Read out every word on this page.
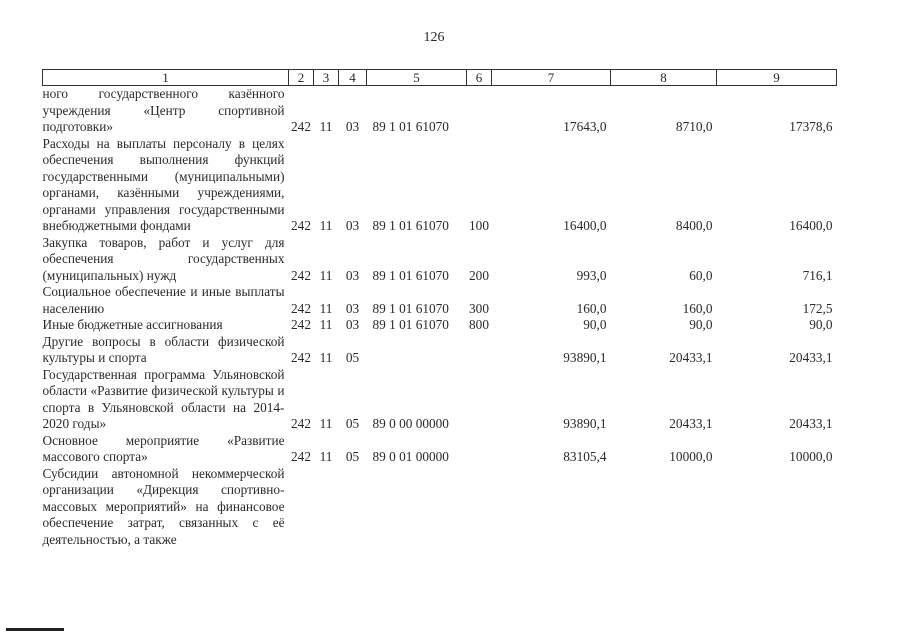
126
1	2	3	4	5	6	7	8	9
ного государственного казённого учреждения «Центр спортивной подготовки»	242	11	03	89 1 01 61070		17643,0	8710,0	17378,6
Расходы на выплаты персоналу в целях обеспечения выполнения функций государственными (муниципальными) органами, казёнными учреждениями, органами управления государственными внебюджетными фондами	242	11	03	89 1 01 61070	100	16400,0	8400,0	16400,0
Закупка товаров, работ и услуг для обеспечения государственных (муниципальных) нужд	242	11	03	89 1 01 61070	200	993,0	60,0	716,1
Социальное обеспечение и иные выплаты населению	242	11	03	89 1 01 61070	300	160,0	160,0	172,5
Иные бюджетные ассигнования	242	11	03	89 1 01 61070	800	90,0	90,0	90,0
Другие вопросы в области физической культуры и спорта	242	11	05			93890,1	20433,1	20433,1
Государственная программа Ульяновской области «Развитие физической культуры и спорта в Ульяновской области на 2014-2020 годы»	242	11	05	89 0 00 00000		93890,1	20433,1	20433,1
Основное мероприятие «Развитие массового спорта»	242	11	05	89 0 01 00000		83105,4	10000,0	10000,0
Субсидии автономной некоммерческой организации «Дирекция спортивно-массовых мероприятий» на финансовое обеспечение затрат, связанных с её деятельностью, а также								
